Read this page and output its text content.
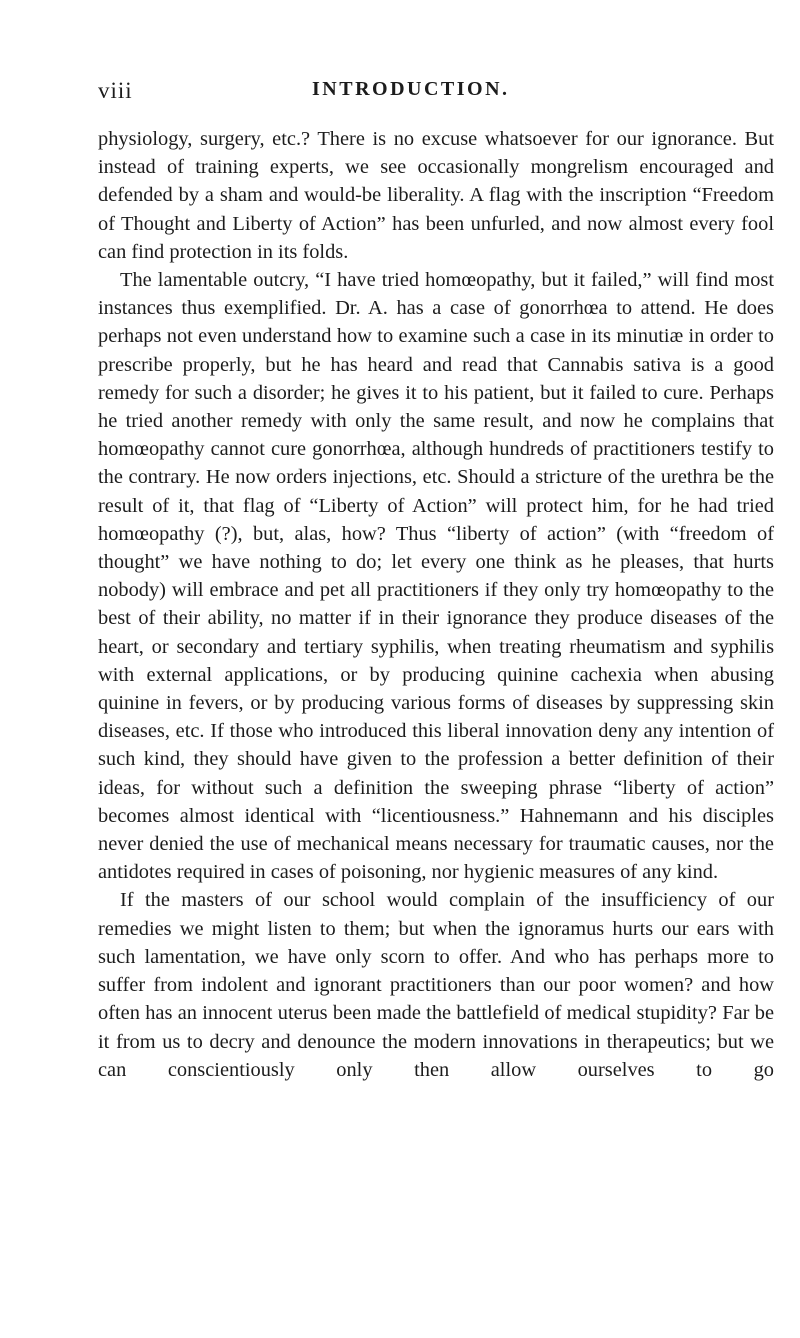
viii	INTRODUCTION.

physiology, surgery, etc.? There is no excuse whatsoever for our ignorance. But instead of training experts, we see occasionally mongrelism encouraged and defended by a sham and would-be liberality. A flag with the inscription “Freedom of Thought and Liberty of Action” has been unfurled, and now almost every fool can find protection in its folds.

The lamentable outcry, “I have tried homœopathy, but it failed,” will find most instances thus exemplified. Dr. A. has a case of gonorrhœa to attend. He does perhaps not even understand how to examine such a case in its minutiæ in order to prescribe properly, but he has heard and read that Cannabis sativa is a good remedy for such a disorder; he gives it to his patient, but it failed to cure. Perhaps he tried another remedy with only the same result, and now he complains that homœopathy cannot cure gonorrhœa, although hundreds of practitioners testify to the contrary. He now orders injections, etc. Should a stricture of the urethra be the result of it, that flag of “Liberty of Action” will protect him, for he had tried homœopathy (?), but, alas, how? Thus “liberty of action” (with “freedom of thought” we have nothing to do; let every one think as he pleases, that hurts nobody) will embrace and pet all practitioners if they only try homœopathy to the best of their ability, no matter if in their ignorance they produce diseases of the heart, or secondary and tertiary syphilis, when treating rheumatism and syphilis with external applications, or by producing quinine cachexia when abusing quinine in fevers, or by producing various forms of diseases by suppressing skin diseases, etc. If those who introduced this liberal innovation deny any intention of such kind, they should have given to the profession a better definition of their ideas, for without such a definition the sweeping phrase “liberty of action” becomes almost identical with “licentiousness.” Hahnemann and his disciples never denied the use of mechanical means necessary for traumatic causes, nor the antidotes required in cases of poisoning, nor hygienic measures of any kind.

If the masters of our school would complain of the insufficiency of our remedies we might listen to them; but when the ignoramus hurts our ears with such lamentation, we have only scorn to offer. And who has perhaps more to suffer from indolent and ignorant practitioners than our poor women? and how often has an innocent uterus been made the battlefield of medical stupidity? Far be it from us to decry and denounce the modern innovations in therapeutics; but we can conscientiously only then allow ourselves to go
